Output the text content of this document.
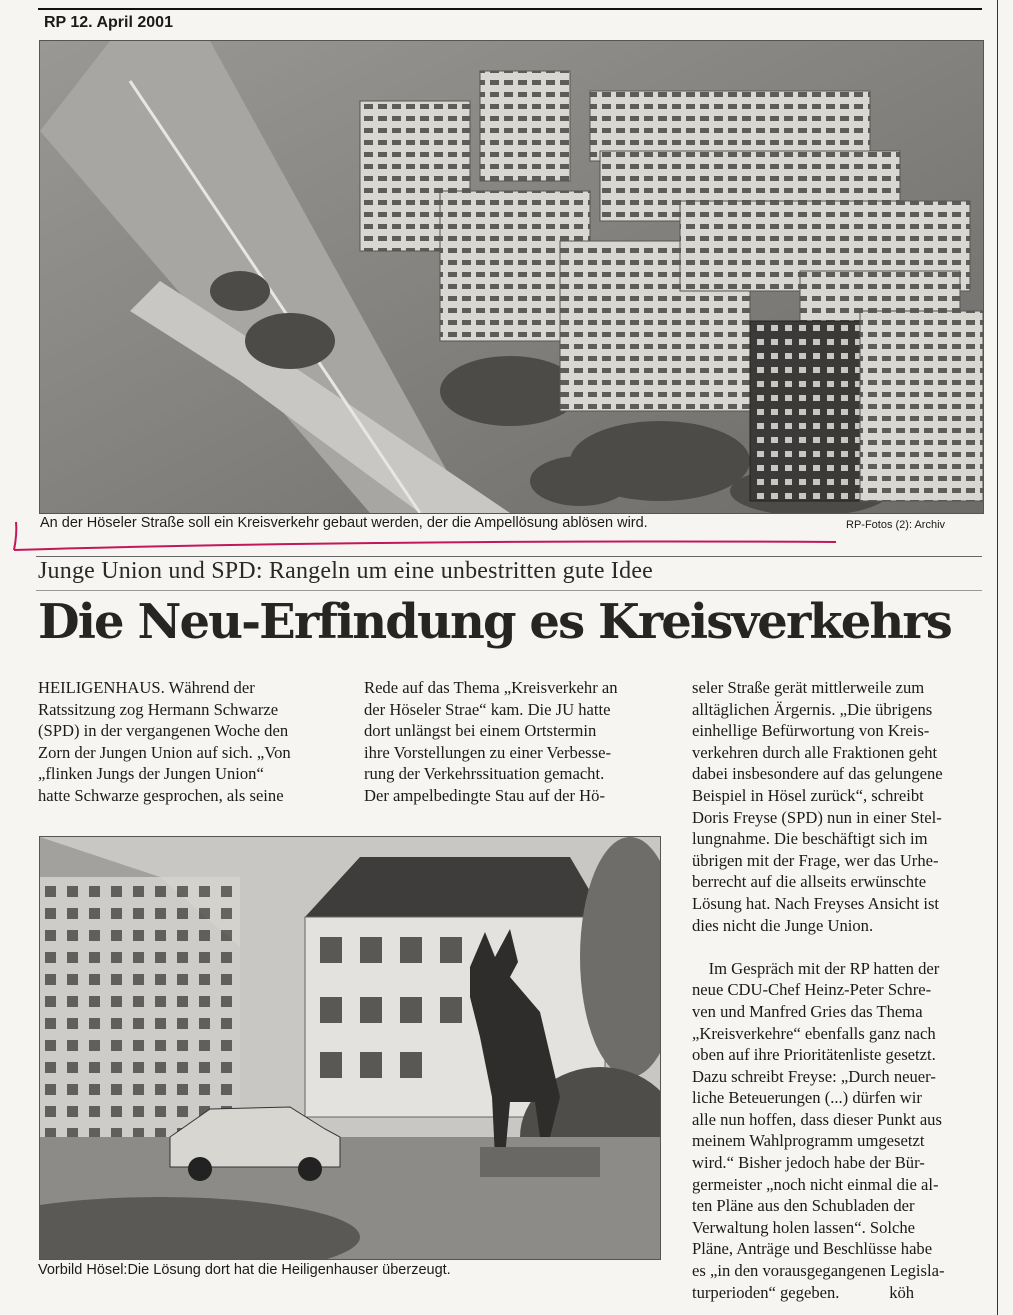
RP 12. April 2001
An der Höseler Straße soll ein Kreisverkehr gebaut werden, der die Ampellösung ablösen wird.	RP-Fotos (2): Archiv
Junge Union und SPD: Rangeln um eine unbestritten gute Idee
Die Neu-Erfindung es Kreisverkehrs
HEILIGENHAUS. Während der
Ratssitzung zog Hermann Schwarze
(SPD) in der vergangenen Woche den
Zorn der Jungen Union auf sich. „Von
„flinken Jungs der Jungen Union“
hatte Schwarze gesprochen, als seine
Rede auf das Thema „Kreisverkehr an
der Höseler Strae“ kam. Die JU hatte
dort unlängst bei einem Ortstermin
ihre Vorstellungen zu einer Verbesse-
rung der Verkehrssituation gemacht.
Der ampelbedingte Stau auf der Hö-
seler Straße gerät mittlerweile zum
alltäglichen Ärgernis. „Die übrigens
einhellige Befürwortung von Kreis-
verkehren durch alle Fraktionen geht
dabei insbesondere auf das gelungene
Beispiel in Hösel zurück“, schreibt
Doris Freyse (SPD) nun in einer Stel-
lungnahme. Die beschäftigt sich im
übrigen mit der Frage, wer das Urhe-
berrecht auf die allseits erwünschte
Lösung hat. Nach Freyses Ansicht ist
dies nicht die Junge Union.
Im Gespräch mit der RP hatten der
neue CDU-Chef Heinz-Peter Schre-
ven und Manfred Gries das Thema
„Kreisverkehre“ ebenfalls ganz nach
oben auf ihre Prioritätenliste gesetzt.
Dazu schreibt Freyse: „Durch neuer-
liche Beteuerungen (...) dürfen wir
alle nun hoffen, dass dieser Punkt aus
meinem Wahlprogramm umgesetzt
wird.“ Bisher jedoch habe der Bür-
germeister „noch nicht einmal die al-
ten Pläne aus den Schubladen der
Verwaltung holen lassen“. Solche
Pläne, Anträge und Beschlüsse habe
es „in den vorausgegangenen Legisla-
turperioden“ gegeben.            köh
Vorbild Hösel:Die Lösung dort hat die Heiligenhauser überzeugt.
